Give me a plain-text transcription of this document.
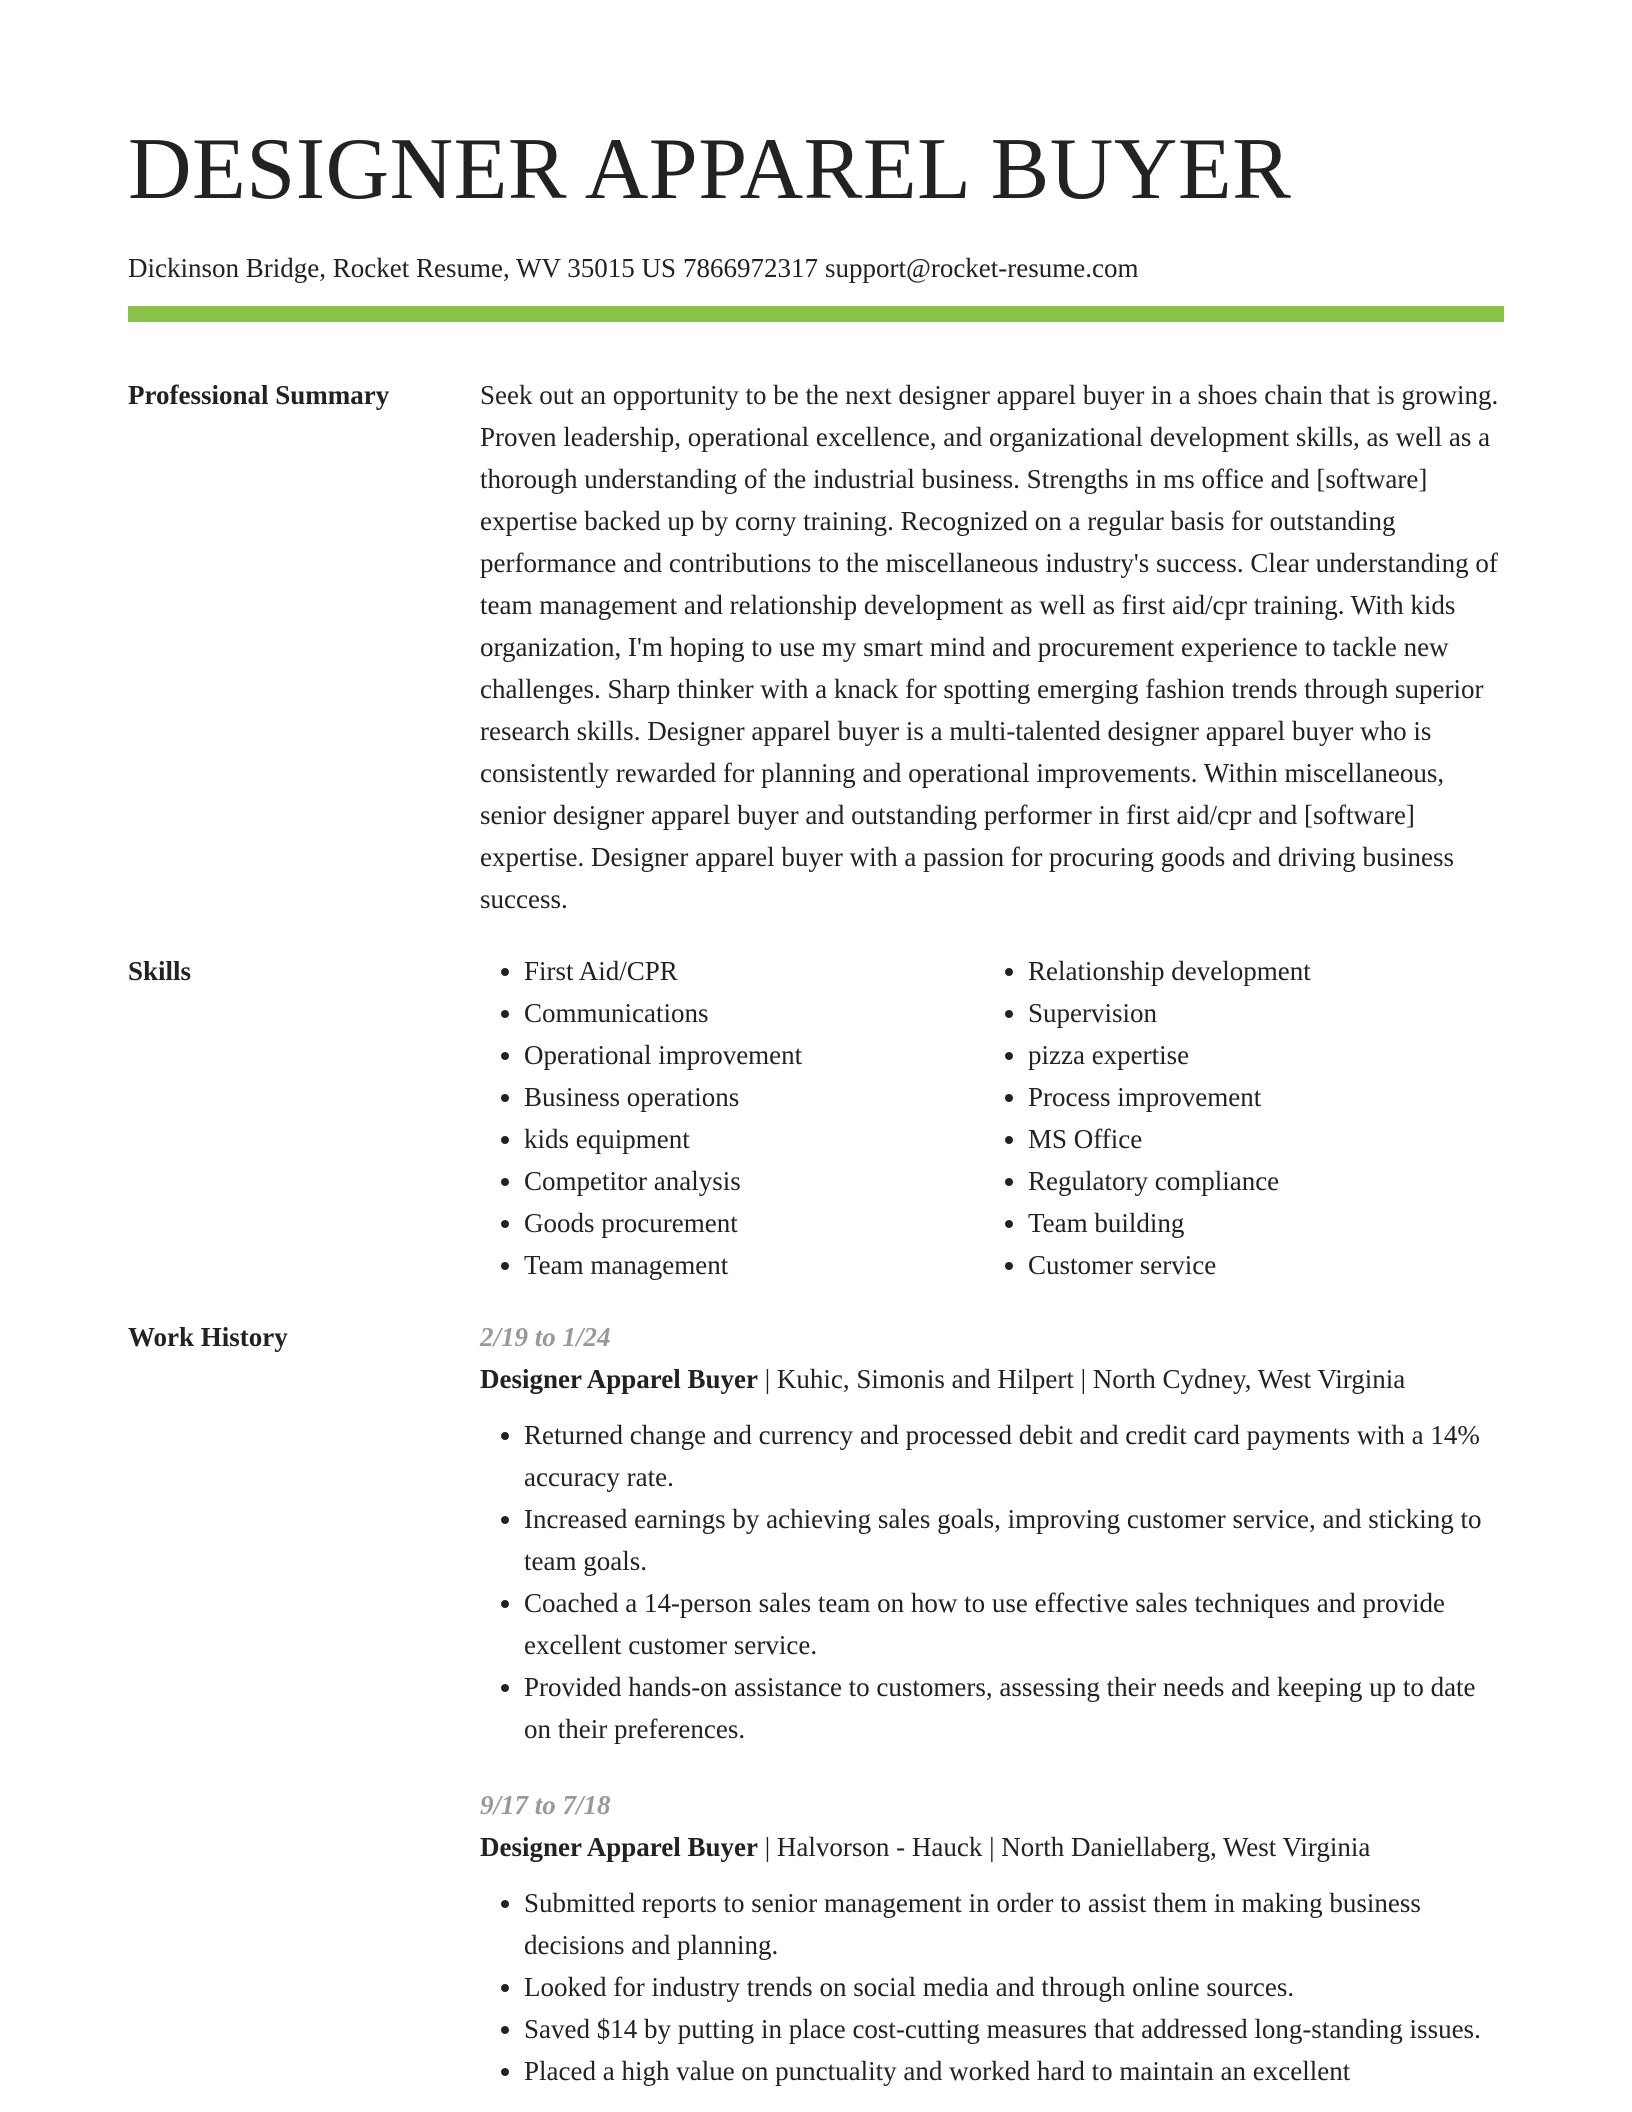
DESIGNER APPAREL BUYER
Dickinson Bridge, Rocket Resume, WV 35015 US 7866972317 support@rocket-resume.com
Professional Summary	Seek out an opportunity to be the next designer apparel buyer in a shoes chain that is growing. Proven leadership, operational excellence, and organizational development skills, as well as a thorough understanding of the industrial business. Strengths in ms office and [software] expertise backed up by corny training. Recognized on a regular basis for outstanding performance and contributions to the miscellaneous industry's success. Clear understanding of team management and relationship development as well as first aid/cpr training. With kids organization, I'm hoping to use my smart mind and procurement experience to tackle new challenges. Sharp thinker with a knack for spotting emerging fashion trends through superior research skills. Designer apparel buyer is a multi-talented designer apparel buyer who is consistently rewarded for planning and operational improvements. Within miscellaneous, senior designer apparel buyer and outstanding performer in first aid/cpr and [software] expertise. Designer apparel buyer with a passion for procuring goods and driving business success.

Skills
•	First Aid/CPR
• Communications
• Operational improvement
• Business operations
• kids equipment
• Competitor analysis
• Goods procurement
• Team management
• Relationship development
• Supervision
• pizza expertise
• Process improvement
• MS Office
• Regulatory compliance
• Team building
• Customer service
Work History	2/19 to 1/24
Designer Apparel Buyer | Kuhic, Simonis and Hilpert | North Cydney, West Virginia
• Returned change and currency and processed debit and credit card payments with a 14% accuracy rate.
• Increased earnings by achieving sales goals, improving customer service, and sticking to team goals.
• Coached a 14-person sales team on how to use effective sales techniques and provide excellent customer service.
• Provided hands-on assistance to customers, assessing their needs and keeping up to date on their preferences.
9/17 to 7/18
Designer Apparel Buyer | Halvorson - Hauck | North Daniellaberg, West Virginia
• Submitted reports to senior management in order to assist them in making business decisions and planning.
• Looked for industry trends on social media and through online sources.
• Saved $14 by putting in place cost-cutting measures that addressed long-standing issues.
• Placed a high value on punctuality and worked hard to maintain an excellent
